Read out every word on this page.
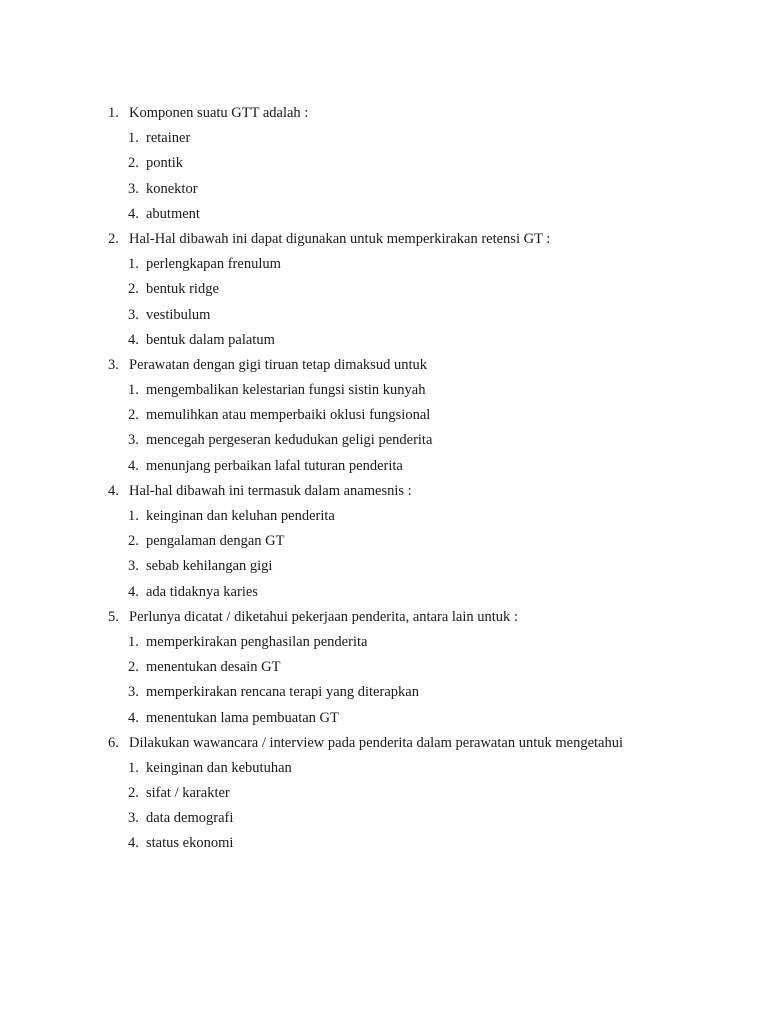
1. Komponen suatu GTT adalah :
1. retainer
2. pontik
3. konektor
4. abutment
2. Hal-Hal dibawah ini dapat digunakan untuk memperkirakan retensi GT :
1. perlengkapan frenulum
2. bentuk ridge
3. vestibulum
4. bentuk dalam palatum
3. Perawatan dengan gigi tiruan tetap dimaksud untuk
1. mengembalikan kelestarian fungsi sistin kunyah
2. memulihkan atau memperbaiki oklusi fungsional
3. mencegah pergeseran kedudukan geligi penderita
4. menunjang perbaikan lafal tuturan penderita
4. Hal-hal dibawah ini termasuk dalam anamesnis :
1. keinginan dan keluhan penderita
2. pengalaman dengan GT
3. sebab kehilangan gigi
4. ada tidaknya karies
5. Perlunya dicatat / diketahui pekerjaan penderita, antara lain untuk :
1. memperkirakan penghasilan penderita
2. menentukan desain GT
3. memperkirakan rencana terapi yang diterapkan
4. menentukan lama pembuatan GT
6. Dilakukan wawancara / interview pada penderita dalam perawatan untuk mengetahui
1. keinginan dan kebutuhan
2. sifat / karakter
3. data demografi
4. status ekonomi
